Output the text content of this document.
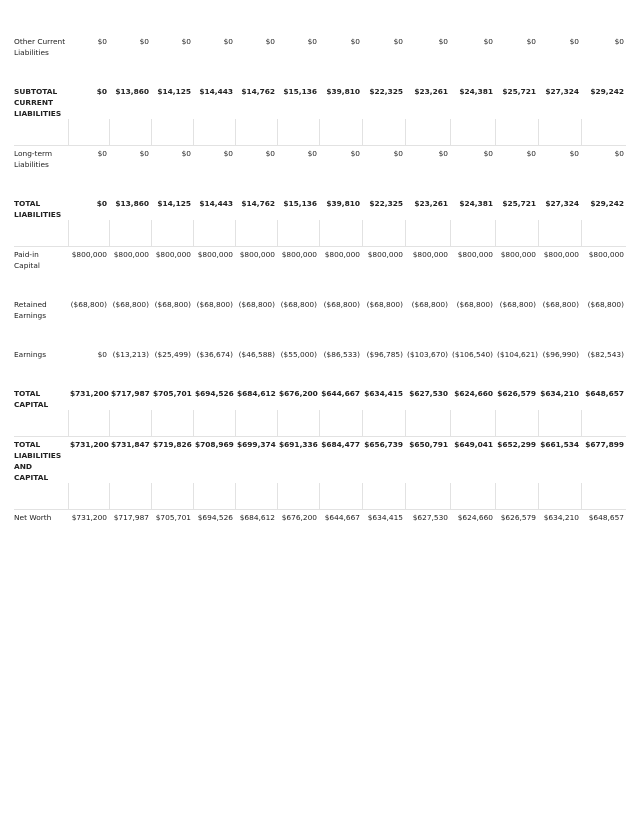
Other Current Liabilities	$0	$0	$0	$0	$0	$0	$0	$0	$0	$0	$0	$0	$0

SUBTOTAL CURRENT LIABILITIES	$0	$13,860	$14,125	$14,443	$14,762	$15,136	$39,810	$22,325	$23,261	$24,381	$25,721	$27,324	$29,242

Long-term Liabilities	$0	$0	$0	$0	$0	$0	$0	$0	$0	$0	$0	$0	$0

TOTAL LIABILITIES	$0	$13,860	$14,125	$14,443	$14,762	$15,136	$39,810	$22,325	$23,261	$24,381	$25,721	$27,324	$29,242

Paid-in Capital	$800,000	$800,000	$800,000	$800,000	$800,000	$800,000	$800,000	$800,000	$800,000	$800,000	$800,000	$800,000	$800,000

Retained Earnings	($68,800)	($68,800)	($68,800)	($68,800)	($68,800)	($68,800)	($68,800)	($68,800)	($68,800)	($68,800)	($68,800)	($68,800)	($68,800)

Earnings	$0	($13,213)	($25,499)	($36,674)	($46,588)	($55,000)	($86,533)	($96,785)	($103,670)	($106,540)	($104,621)	($96,990)	($82,543)

TOTAL CAPITAL	$731,200	$717,987	$705,701	$694,526	$684,612	$676,200	$644,667	$634,415	$627,530	$624,660	$626,579	$634,210	$648,657

TOTAL LIABILITIES AND CAPITAL	$731,200	$731,847	$719,826	$708,969	$699,374	$691,336	$684,477	$656,739	$650,791	$649,041	$652,299	$661,534	$677,899

Net Worth	$731,200	$717,987	$705,701	$694,526	$684,612	$676,200	$644,667	$634,415	$627,530	$624,660	$626,579	$634,210	$648,657
